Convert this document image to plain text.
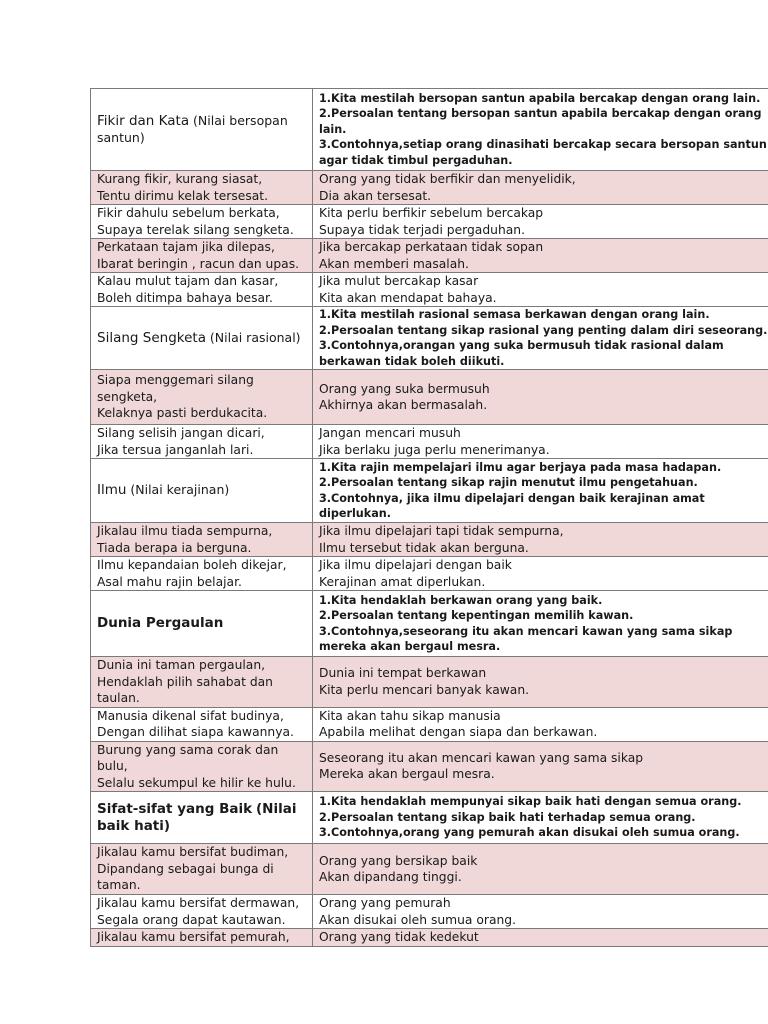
Fikir dan Kata (Nilai bersopan santun)	1.Kita mestilah bersopan santun apabila bercakap dengan orang lain.
2.Persoalan tentang bersopan santun apabila bercakap dengan orang
lain.
3.Contohnya,setiap orang dinasihati bercakap secara bersopan santun
agar tidak timbul pergaduhan.

Kurang fikir, kurang siasat,
Tentu dirimu kelak tersesat.	Orang yang tidak berfikir dan menyelidik,
Dia akan tersesat.

Fikir dahulu sebelum berkata,
Supaya terelak silang sengketa.	Kita perlu berfikir sebelum bercakap
Supaya tidak terjadi pergaduhan.

Perkataan tajam jika dilepas,
Ibarat beringin , racun dan upas.	Jika bercakap perkataan tidak sopan
Akan memberi masalah.

Kalau mulut tajam dan kasar,
Boleh ditimpa bahaya besar.	Jika mulut bercakap kasar
Kita akan mendapat bahaya.

Silang Sengketa (Nilai rasional)	1.Kita mestilah rasional semasa berkawan dengan orang lain.
2.Persoalan tentang sikap rasional yang penting dalam diri seseorang.
3.Contohnya,orangan yang suka bermusuh tidak rasional dalam
berkawan tidak boleh diikuti.

Siapa menggemari silang
sengketa,
Kelaknya pasti berdukacita.	Orang yang suka bermusuh
Akhirnya akan bermasalah.

Silang selisih jangan dicari,
Jika tersua janganlah lari.	Jangan mencari musuh
Jika berlaku juga perlu menerimanya.

Ilmu (Nilai kerajinan)	1.Kita rajin mempelajari ilmu agar berjaya pada masa hadapan.
2.Persoalan tentang sikap rajin menutut ilmu pengetahuan.
3.Contohnya, jika ilmu dipelajari dengan baik kerajinan amat
diperlukan.

Jikalau ilmu tiada sempurna,
Tiada berapa ia berguna.	Jika ilmu dipelajari tapi tidak sempurna,
Ilmu tersebut tidak akan berguna.

Ilmu kepandaian boleh dikejar,
Asal mahu rajin belajar.	Jika ilmu dipelajari dengan baik
Kerajinan amat diperlukan.

Dunia Pergaulan	1.Kita hendaklah berkawan orang yang baik.
2.Persoalan tentang kepentingan memilih kawan.
3.Contohnya,seseorang itu akan mencari kawan yang sama sikap
mereka akan bergaul mesra.

Dunia ini taman pergaulan,
Hendaklah pilih sahabat dan
taulan.	Dunia ini tempat berkawan
Kita perlu mencari banyak kawan.

Manusia dikenal sifat budinya,
Dengan dilihat siapa kawannya.	Kita akan tahu sikap manusia
Apabila melihat dengan siapa dan berkawan.

Burung yang sama corak dan
bulu,
Selalu sekumpul ke hilir ke hulu.	Seseorang itu akan mencari kawan yang sama sikap
Mereka akan bergaul mesra.

Sifat-sifat yang Baik (Nilai baik hati)	1.Kita hendaklah mempunyai sikap baik hati dengan semua orang.
2.Persoalan tentang sikap baik hati terhadap semua orang.
3.Contohnya,orang yang pemurah akan disukai oleh sumua orang.

Jikalau kamu bersifat budiman,
Dipandang sebagai bunga di
taman.	Orang yang bersikap baik
Akan dipandang tinggi.

Jikalau kamu bersifat dermawan,
Segala orang dapat kautawan.	Orang yang pemurah
Akan disukai oleh sumua orang.

Jikalau kamu bersifat pemurah,	Orang yang tidak kedekut
